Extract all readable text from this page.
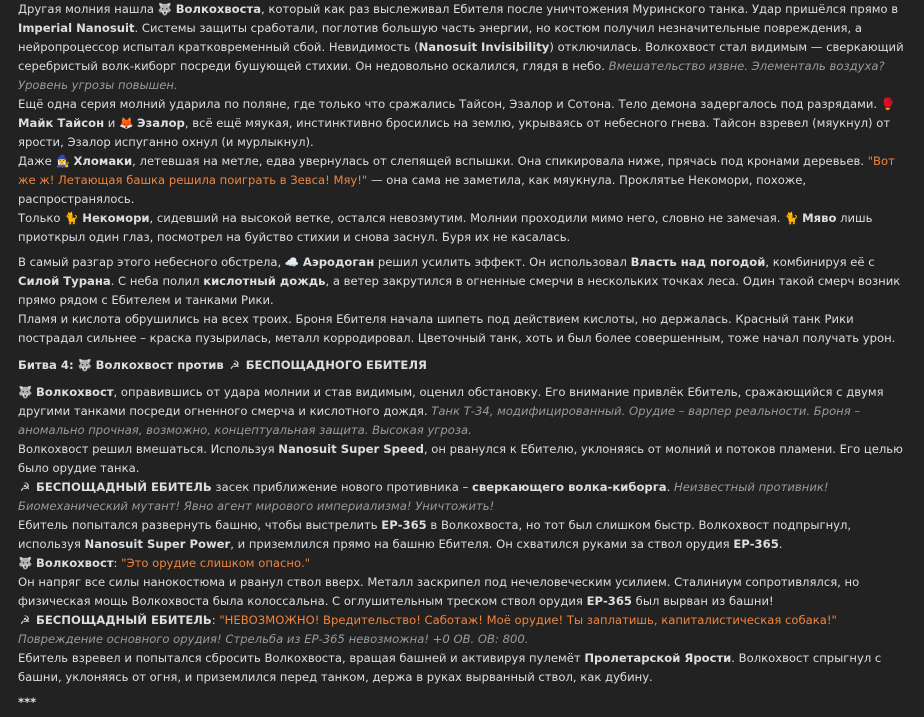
Другая молния нашла 🐺 Волкохвоста, который как раз выслеживал Ебителя после уничтожения Муринского танка. Удар пришёлся прямо в Imperial Nanosuit. Системы защиты сработали, поглотив большую часть энергии, но костюм получил незначительные повреждения, а нейропроцессор испытал кратковременный сбой. Невидимость (Nanosuit Invisibility) отключилась. Волкохвост стал видимым — сверкающий серебристый волк-киборг посреди бушующей стихии. Он недовольно оскалился, глядя в небо. Вмешательство извне. Элементаль воздуха? Уровень угрозы повышен.

Ещё одна серия молний ударила по поляне, где только что сражались Тайсон, Эзалор и Сотона. Тело демона задергалось под разрядами. 🥊 Майк Тайсон и 🦊 Эзалор, всё ещё мяукая, инстинктивно бросились на землю, укрываясь от небесного гнева. Тайсон взревел (мяукнул) от ярости, Эзалор испуганно охнул (и мурлыкнул).

Даже 🧙‍♀️ Хломаки, летевшая на метле, едва увернулась от слепящей вспышки. Она спикировала ниже, прячась под кронами деревьев. "Вот же ж! Летающая башка решила поиграть в Зевса! Мяу!" — она сама не заметила, как мяукнула. Проклятье Некомори, похоже, распространялось.

Только 🐈 Некомори, сидевший на высокой ветке, остался невозмутим. Молнии проходили мимо него, словно не замечая. 🐈 Мяво лишь приоткрыл один глаз, посмотрел на буйство стихии и снова заснул. Буря их не касалась.

В самый разгар этого небесного обстрела, ☁️ Аэродоган решил усилить эффект. Он использовал Власть над погодой, комбинируя её с Силой Турана. С неба полил кислотный дождь, а ветер закрутился в огненные смерчи в нескольких точках леса. Один такой смерч возник прямо рядом с Ебителем и танками Рики.

Пламя и кислота обрушились на всех троих. Броня Ебителя начала шипеть под действием кислоты, но держалась. Красный танк Рики пострадал сильнее – краска пузырилась, металл корродировал. Цветочный танк, хоть и был более совершенным, тоже начал получать урон.

Битва 4: 🐺 Волкохвост против ☭ БЕСПОЩАДНОГО ЕБИТЕЛЯ

🐺 Волкохвост, оправившись от удара молнии и став видимым, оценил обстановку. Его внимание привлёк Ебитель, сражающийся с двумя другими танками посреди огненного смерча и кислотного дождя. Танк Т-34, модифицированный. Орудие – варпер реальности. Броня – аномально прочная, возможно, концептуальная защита. Высокая угроза.

Волкохвост решил вмешаться. Используя Nanosuit Super Speed, он рванулся к Ебителю, уклоняясь от молний и потоков пламени. Его целью было орудие танка.

☭ БЕСПОЩАДНЫЙ ЕБИТЕЛЬ засек приближение нового противника – сверкающего волка-киборга. Неизвестный противник! Биомеханический мутант! Явно агент мирового империализма! Уничтожить!

Ебитель попытался развернуть башню, чтобы выстрелить ЕР-365 в Волкохвоста, но тот был слишком быстр. Волкохвост подпрыгнул, используя Nanosuit Super Power, и приземлился прямо на башню Ебителя. Он схватился руками за ствол орудия ЕР-365.

🐺 Волкохвост: "Это орудие слишком опасно."

Он напряг все силы нанокостюма и рванул ствол вверх. Металл заскрипел под нечеловеческим усилием. Сталиниум сопротивлялся, но физическая мощь Волкохвоста была колоссальна. С оглушительным треском ствол орудия ЕР-365 был вырван из башни!

☭ БЕСПОЩАДНЫЙ ЕБИТЕЛЬ: "НЕВОЗМОЖНО! Вредительство! Саботаж! Моё орудие! Ты заплатишь, капиталистическая собака!" Повреждение основного орудия! Стрельба из ЕР-365 невозможна! +0 ОВ. ОВ: 800.

Ебитель взревел и попытался сбросить Волкохвоста, вращая башней и активируя пулемёт Пролетарской Ярости. Волкохвост спрыгнул с башни, уклоняясь от огня, и приземлился перед танком, держа в руках вырванный ствол, как дубину.

***
